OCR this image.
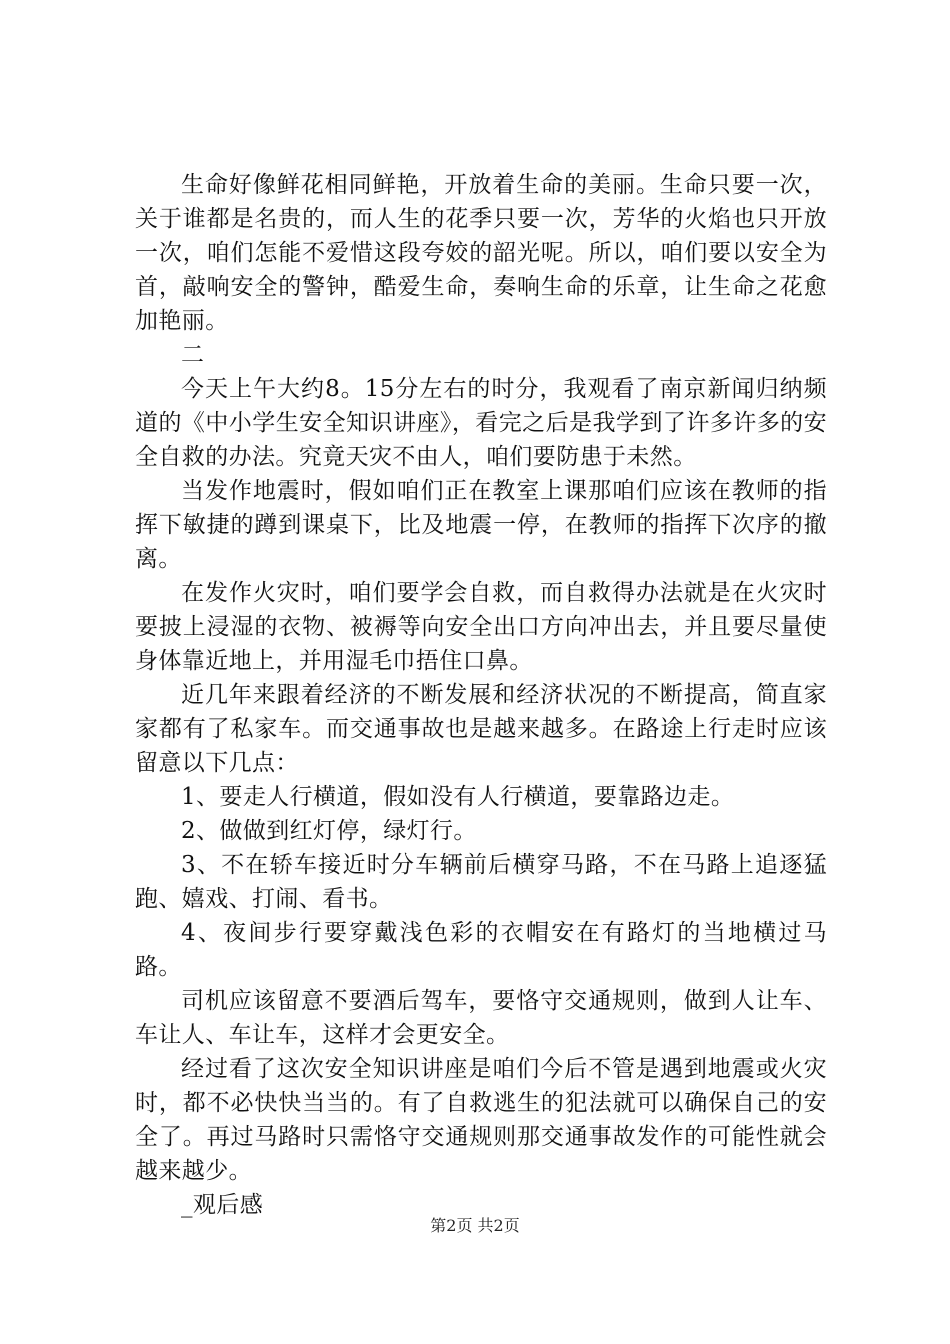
生命好像鲜花相同鲜艳，开放着生命的美丽。生命只要一次，关于谁都是名贵的，而人生的花季只要一次，芳华的火焰也只开放一次，咱们怎能不爱惜这段夸姣的韶光呢。所以，咱们要以安全为首，敲响安全的警钟，酷爱生命，奏响生命的乐章，让生命之花愈加艳丽。

二

今天上午大约8。15分左右的时分，我观看了南京新闻归纳频道的《中小学生安全知识讲座》，看完之后是我学到了许多许多的安全自救的办法。究竟天灾不由人，咱们要防患于未然。

当发作地震时，假如咱们正在教室上课那咱们应该在教师的指挥下敏捷的蹲到课桌下，比及地震一停，在教师的指挥下次序的撤离。

在发作火灾时，咱们要学会自救，而自救得办法就是在火灾时要披上浸湿的衣物、被褥等向安全出口方向冲出去，并且要尽量使身体靠近地上，并用湿毛巾捂住口鼻。

近几年来跟着经济的不断发展和经济状况的不断提高，简直家家都有了私家车。而交通事故也是越来越多。在路途上行走时应该留意以下几点：

1、要走人行横道，假如没有人行横道，要靠路边走。

2、做做到红灯停，绿灯行。

3、不在轿车接近时分车辆前后横穿马路，不在马路上追逐猛跑、嬉戏、打闹、看书。

4、夜间步行要穿戴浅色彩的衣帽安在有路灯的当地横过马路。

司机应该留意不要酒后驾车，要恪守交通规则，做到人让车、车让人、车让车，这样才会更安全。

经过看了这次安全知识讲座是咱们今后不管是遇到地震或火灾时，都不必快快当当的。有了自救逃生的犯法就可以确保自己的安全了。再过马路时只需恪守交通规则那交通事故发作的可能性就会越来越少。

_观后感

第2页 共2页
